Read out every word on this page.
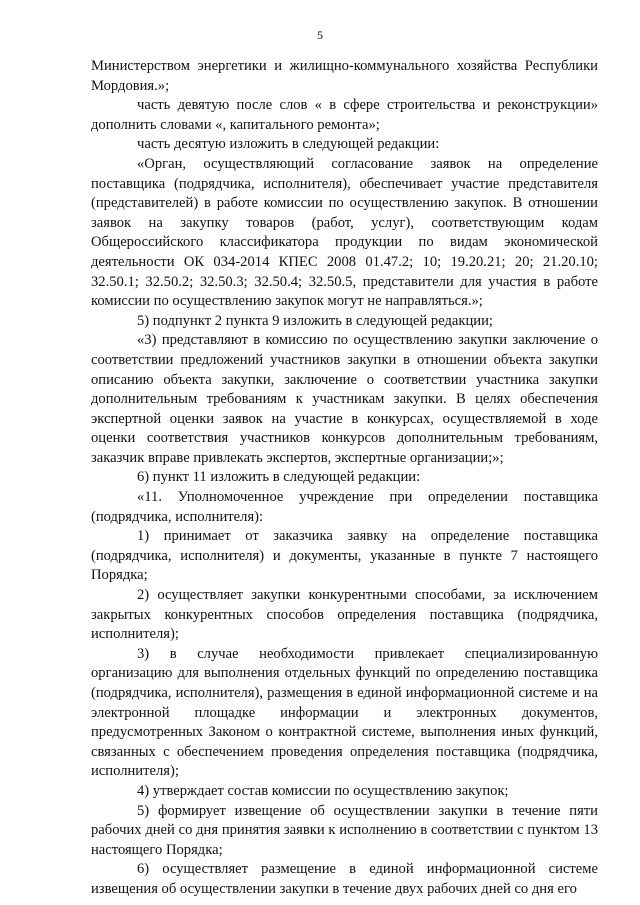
5

Министерством энергетики и жилищно-коммунального хозяйства Республики Мордовия.»;

часть девятую после слов « в сфере строительства и реконструкции» дополнить словами «, капитального ремонта»;

часть десятую изложить в следующей редакции:

«Орган, осуществляющий согласование заявок на определение поставщика (подрядчика, исполнителя), обеспечивает участие представителя (представителей) в работе комиссии по осуществлению закупок. В отношении заявок на закупку товаров (работ, услуг), соответствующим кодам Общероссийского классификатора продукции по видам экономической деятельности ОК 034-2014 КПЕС 2008 01.47.2; 10; 19.20.21; 20; 21.20.10; 32.50.1; 32.50.2; 32.50.3; 32.50.4; 32.50.5, представители для участия в работе комиссии по осуществлению закупок могут не направляться.»;

5) подпункт 2 пункта 9 изложить в следующей редакции;

«3) представляют в комиссию по осуществлению закупки заключение о соответствии предложений участников закупки в отношении объекта закупки описанию объекта закупки, заключение о соответствии участника закупки дополнительным требованиям к участникам закупки. В целях обеспечения экспертной оценки заявок на участие в конкурсах, осуществляемой в ходе оценки соответствия участников конкурсов дополнительным требованиям, заказчик вправе привлекать экспертов, экспертные организации;»;

6) пункт 11 изложить в следующей редакции:

«11. Уполномоченное учреждение при определении поставщика (подрядчика, исполнителя):

1) принимает от заказчика заявку на определение поставщика (подрядчика, исполнителя) и документы, указанные в пункте 7 настоящего Порядка;

2) осуществляет закупки конкурентными способами, за исключением закрытых конкурентных способов определения поставщика (подрядчика, исполнителя);

3) в случае необходимости привлекает специализированную организацию для выполнения отдельных функций по определению поставщика (подрядчика, исполнителя), размещения в единой информационной системе и на электронной площадке информации и электронных документов, предусмотренных Законом о контрактной системе, выполнения иных функций, связанных с обеспечением проведения определения поставщика (подрядчика, исполнителя);

4) утверждает состав комиссии по осуществлению закупок;

5) формирует извещение об осуществлении закупки в течение пяти рабочих дней со дня принятия заявки к исполнению в соответствии с пунктом 13 настоящего Порядка;

6) осуществляет размещение в единой информационной системе извещения об осуществлении закупки в течение двух рабочих дней со дня его
